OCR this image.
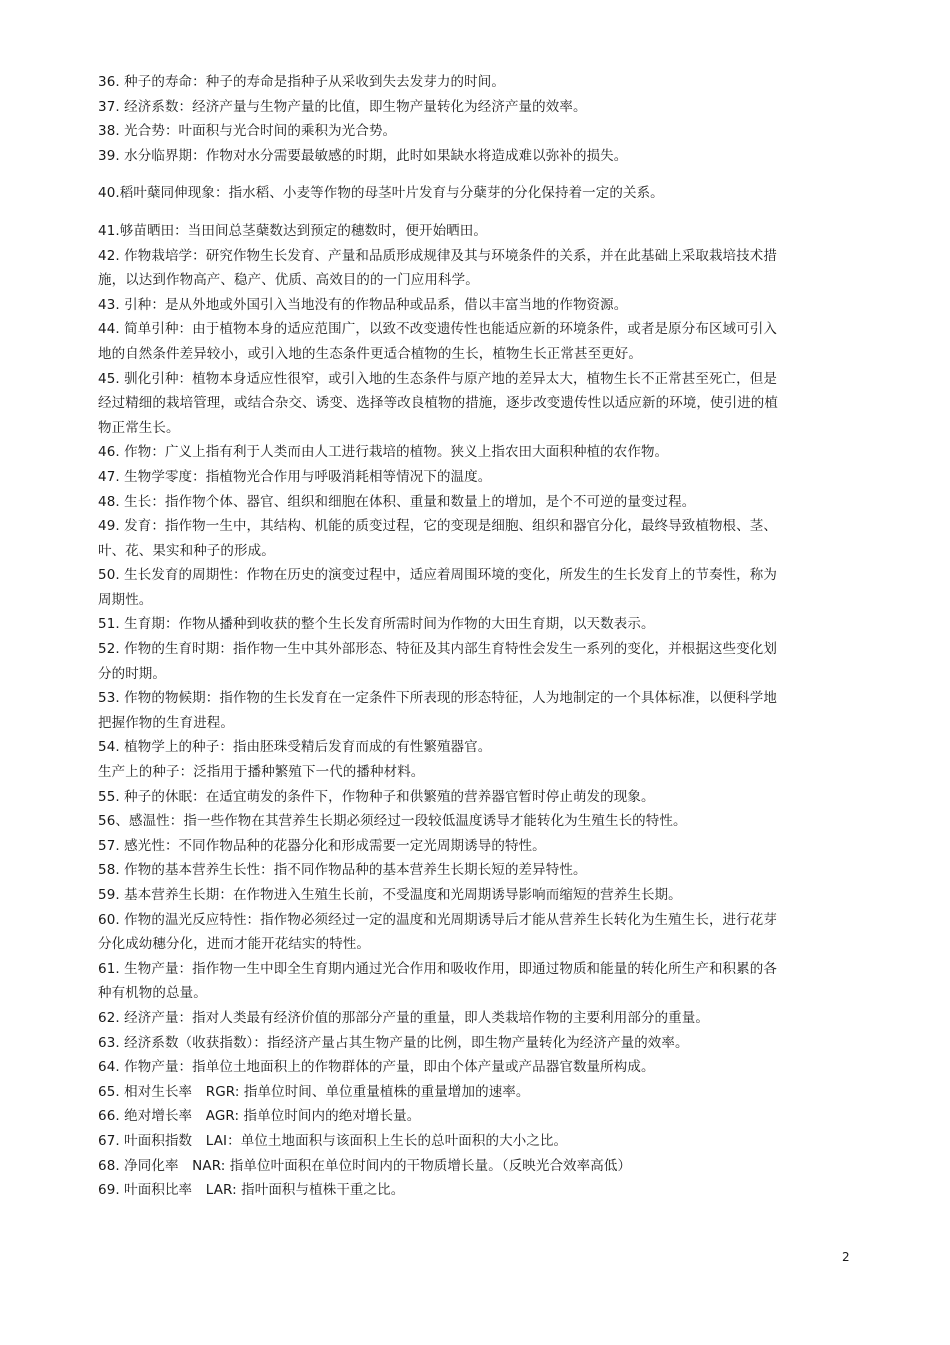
36. 种子的寿命：种子的寿命是指种子从采收到失去发芽力的时间。

37. 经济系数：经济产量与生物产量的比值，即生物产量转化为经济产量的效率。

38. 光合势：叶面积与光合时间的乘积为光合势。

39. 水分临界期：作物对水分需要最敏感的时期，此时如果缺水将造成难以弥补的损失。

40.稻叶蘖同伸现象：指水稻、小麦等作物的母茎叶片发育与分蘖芽的分化保持着一定的关系。

41.够苗晒田：当田间总茎蘖数达到预定的穗数时，便开始晒田。

42. 作物栽培学：研究作物生长发育、产量和品质形成规律及其与环境条件的关系，并在此基础上采取栽培技术措施，以达到作物高产、稳产、优质、高效目的的一门应用科学。

43. 引种：是从外地或外国引入当地没有的作物品种或品系，借以丰富当地的作物资源。

44. 简单引种：由于植物本身的适应范围广，以致不改变遗传性也能适应新的环境条件，或者是原分布区域可引入地的自然条件差异较小，或引入地的生态条件更适合植物的生长，植物生长正常甚至更好。

45. 驯化引种：植物本身适应性很窄，或引入地的生态条件与原产地的差异太大，植物生长不正常甚至死亡，但是经过精细的栽培管理，或结合杂交、诱变、选择等改良植物的措施，逐步改变遗传性以适应新的环境，使引进的植物正常生长。

46. 作物：广义上指有利于人类而由人工进行栽培的植物。狭义上指农田大面积种植的农作物。

47. 生物学零度：指植物光合作用与呼吸消耗相等情况下的温度。

48. 生长：指作物个体、器官、组织和细胞在体积、重量和数量上的增加，是个不可逆的量变过程。

49. 发育：指作物一生中，其结构、机能的质变过程，它的变现是细胞、组织和器官分化，最终导致植物根、茎、叶、花、果实和种子的形成。

50. 生长发育的周期性：作物在历史的演变过程中，适应着周围环境的变化，所发生的生长发育上的节奏性，称为周期性。

51. 生育期：作物从播种到收获的整个生长发育所需时间为作物的大田生育期，以天数表示。

52. 作物的生育时期：指作物一生中其外部形态、特征及其内部生育特性会发生一系列的变化，并根据这些变化划分的时期。

53. 作物的物候期：指作物的生长发育在一定条件下所表现的形态特征，人为地制定的一个具体标准，以便科学地把握作物的生育进程。

54. 植物学上的种子：指由胚珠受精后发育而成的有性繁殖器官。

生产上的种子：泛指用于播种繁殖下一代的播种材料。

55. 种子的休眠：在适宜萌发的条件下，作物种子和供繁殖的营养器官暂时停止萌发的现象。

56、感温性：指一些作物在其营养生长期必须经过一段较低温度诱导才能转化为生殖生长的特性。

57. 感光性：不同作物品种的花器分化和形成需要一定光周期诱导的特性。

58. 作物的基本营养生长性：指不同作物品种的基本营养生长期长短的差异特性。

59. 基本营养生长期：在作物进入生殖生长前，不受温度和光周期诱导影响而缩短的营养生长期。

60. 作物的温光反应特性：指作物必须经过一定的温度和光周期诱导后才能从营养生长转化为生殖生长，进行花芽分化成幼穗分化，进而才能开花结实的特性。

61. 生物产量：指作物一生中即全生育期内通过光合作用和吸收作用，即通过物质和能量的转化所生产和积累的各种有机物的总量。

62. 经济产量：指对人类最有经济价值的那部分产量的重量，即人类栽培作物的主要利用部分的重量。

63. 经济系数（收获指数）：指经济产量占其生物产量的比例，即生物产量转化为经济产量的效率。

64. 作物产量：指单位土地面积上的作物群体的产量，即由个体产量或产品器官数量所构成。

65. 相对生长率　RGR: 指单位时间、单位重量植株的重量增加的速率。

66. 绝对增长率　AGR: 指单位时间内的绝对增长量。

67. 叶面积指数　LAI：单位土地面积与该面积上生长的总叶面积的大小之比。

68. 净同化率　NAR: 指单位叶面积在单位时间内的干物质增长量。（反映光合效率高低）

69. 叶面积比率　LAR: 指叶面积与植株干重之比。

2
